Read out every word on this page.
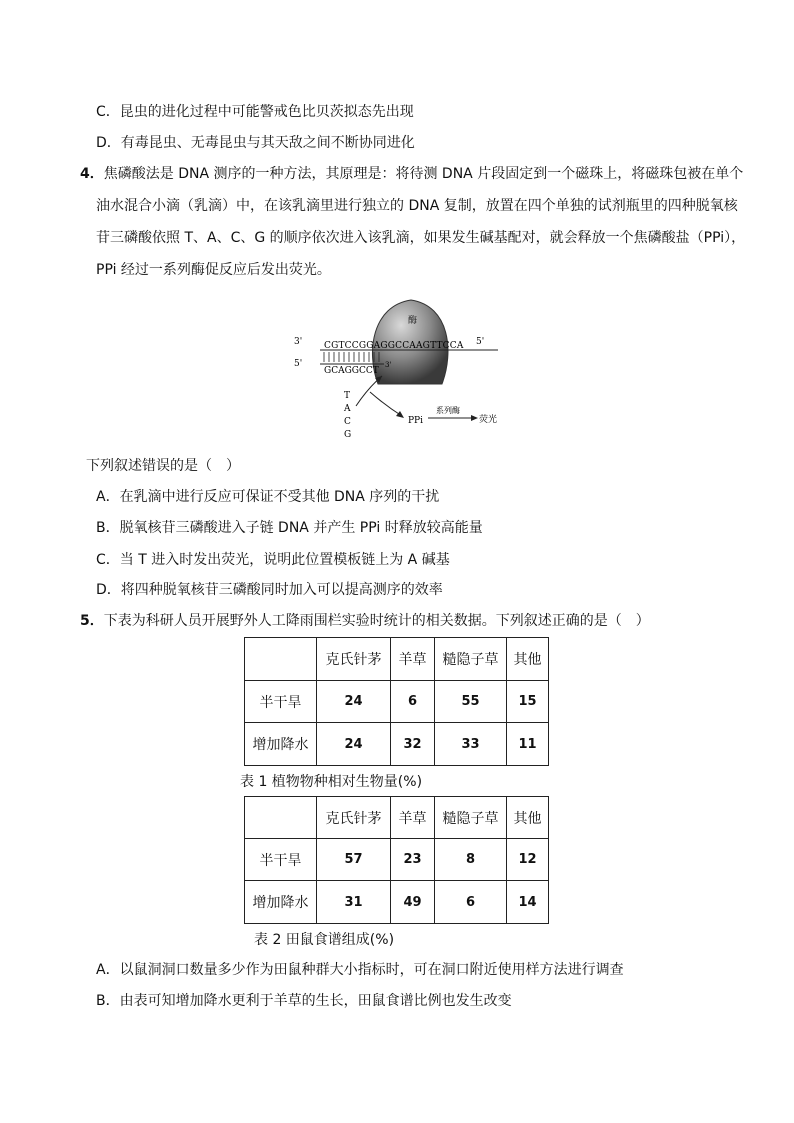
C．昆虫的进化过程中可能警戒色比贝茨拟态先出现
D．有毒昆虫、无毒昆虫与其天敌之间不断协同进化
4．焦磷酸法是 DNA 测序的一种方法，其原理是：将待测 DNA 片段固定到一个磁珠上，将磁珠包被在单个
油水混合小滴（乳滴）中，在该乳滴里进行独立的 DNA 复制，放置在四个单独的试剂瓶里的四种脱氧核
苷三磷酸依照 T、A、C、G 的顺序依次进入该乳滴，如果发生碱基配对，就会释放一个焦磷酸盐（PPi），
PPi 经过一系列酶促反应后发出荧光。
酶
3' CGTCCGGAGGCCAAGTTCCA 5'
5'
GCAGGCCT
3'
T
A
C
G
PPi
系列酶
荧光
下列叙述错误的是（　）
A．在乳滴中进行反应可保证不受其他 DNA 序列的干扰
B．脱氧核苷三磷酸进入子链 DNA 并产生 PPi 时释放较高能量
C．当 T 进入时发出荧光，说明此位置模板链上为 A 碱基
D．将四种脱氧核苷三磷酸同时加入可以提高测序的效率
5．下表为科研人员开展野外人工降雨围栏实验时统计的相关数据。下列叙述正确的是（　）
	克氏针茅	羊草	糙隐子草	其他
半干旱	24	6	55	15
增加降水	24	32	33	11
表 1 植物物种相对生物量(%)
	克氏针茅	羊草	糙隐子草	其他
半干旱	57	23	8	12
增加降水	31	49	6	14
表 2 田鼠食谱组成(%)
A．以鼠洞洞口数量多少作为田鼠种群大小指标时，可在洞口附近使用样方法进行调查
B．由表可知增加降水更利于羊草的生长，田鼠食谱比例也发生改变
